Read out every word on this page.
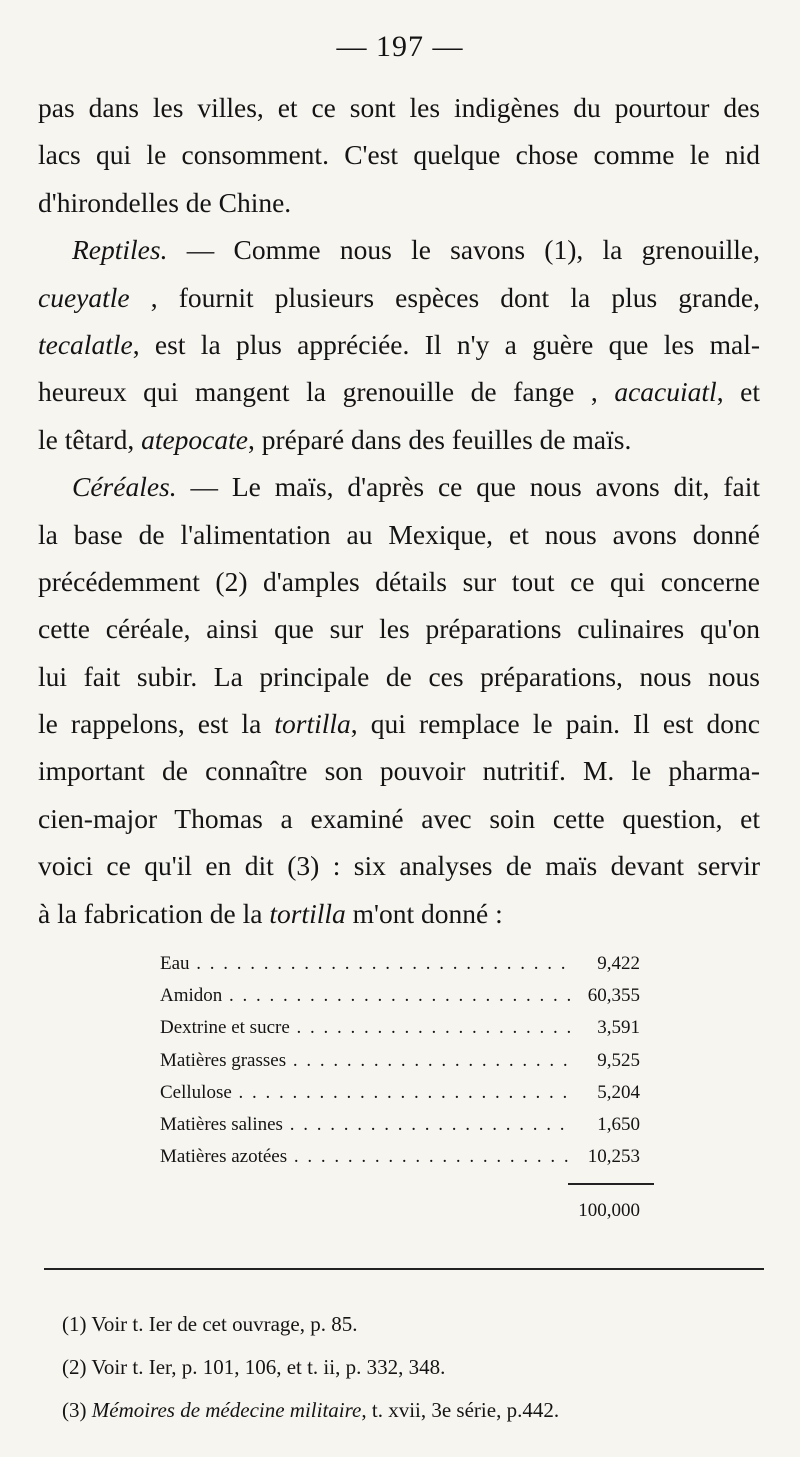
— 197 —
pas dans les villes, et ce sont les indigènes du pourtour des
lacs qui le consomment. C'est quelque chose comme le nid
d'hirondelles de Chine.
Reptiles. — Comme nous le savons (1), la grenouille,
cueyatle , fournit plusieurs espèces dont la plus grande,
tecalatle, est la plus appréciée. Il n'y a guère que les mal-
heureux qui mangent la grenouille de fange , acacuiatl, et
le têtard, atepocate, préparé dans des feuilles de maïs.
Céréales. — Le maïs, d'après ce que nous avons dit, fait
la base de l'alimentation au Mexique, et nous avons donné
précédemment (2) d'amples détails sur tout ce qui concerne
cette céréale, ainsi que sur les préparations culinaires qu'on
lui fait subir. La principale de ces préparations, nous nous
le rappelons, est la tortilla, qui remplace le pain. Il est donc
important de connaître son pouvoir nutritif. M. le pharma-
cien-major Thomas a examiné avec soin cette question, et
voici ce qu'il en dit (3) : six analyses de maïs devant servir
à la fabrication de la tortilla m'ont donné :
Eau . . .	9,422
Amidon . . .	60,355
Dextrine et sucre . . .	3,591
Matières grasses . . .	9,525
Cellulose . . .	5,204
Matières salines . . .	1,650
Matières azotées . . .	10,253
100,000
(1) Voir t. Ier de cet ouvrage, p. 85.
(2) Voir t. Ier, p. 101, 106, et t. ii, p. 332, 348.
(3) Mémoires de médecine militaire, t. xvii, 3e série, p.442.
